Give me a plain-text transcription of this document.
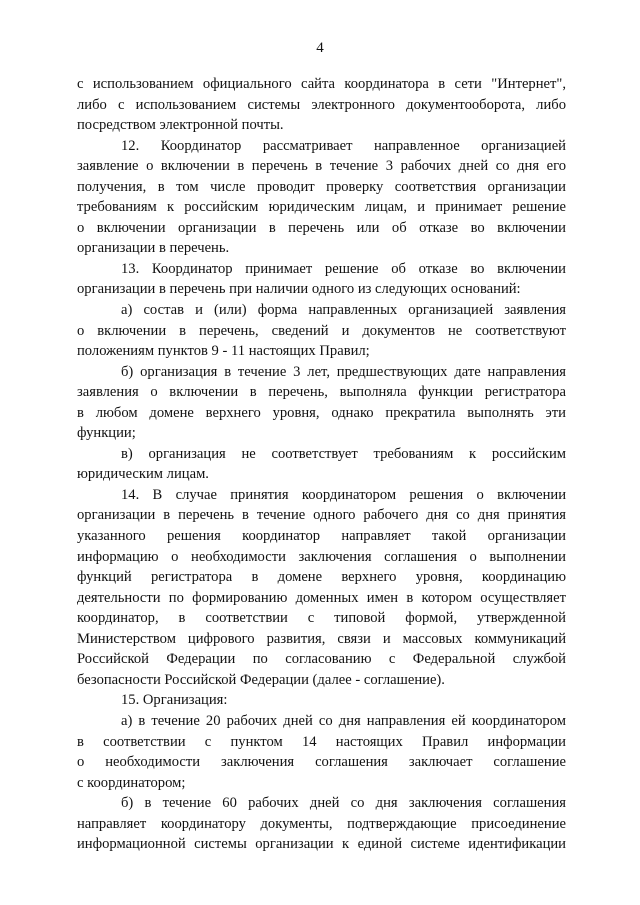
4

с использованием официального сайта координатора в сети "Интернет",

либо с использованием системы электронного документооборота, либо

посредством электронной почты.

12. Координатор рассматривает направленное организацией

заявление о включении в перечень в течение 3 рабочих дней со дня его

получения, в том числе проводит проверку соответствия организации

требованиям к российским юридическим лицам, и принимает решение

о включении организации в перечень или об отказе во включении

организации в перечень.

13. Координатор принимает решение об отказе во включении

организации в перечень при наличии одного из следующих оснований:

а) состав и (или) форма направленных организацией заявления

о включении в перечень, сведений и документов не соответствуют

положениям пунктов 9 - 11 настоящих Правил;

б) организация в течение 3 лет, предшествующих дате направления

заявления о включении в перечень, выполняла функции регистратора

в любом домене верхнего уровня, однако прекратила выполнять эти

функции;

в) организация не соответствует требованиям к российским

юридическим лицам.

14. В случае принятия координатором решения о включении

организации в перечень в течение одного рабочего дня со дня принятия

указанного решения координатор направляет такой организации

информацию о необходимости заключения соглашения о выполнении

функций регистратора в домене верхнего уровня, координацию

деятельности по формированию доменных имен в котором осуществляет

координатор, в соответствии с типовой формой, утвержденной

Министерством цифрового развития, связи и массовых коммуникаций

Российской Федерации по согласованию с Федеральной службой

безопасности Российской Федерации (далее - соглашение).

15. Организация:

а) в течение 20 рабочих дней со дня направления ей координатором

в соответствии с пунктом 14 настоящих Правил информации

о необходимости заключения соглашения заключает соглашение

с координатором;

б) в течение 60 рабочих дней со дня заключения соглашения

направляет координатору документы, подтверждающие присоединение

информационной системы организации к единой системе идентификации
